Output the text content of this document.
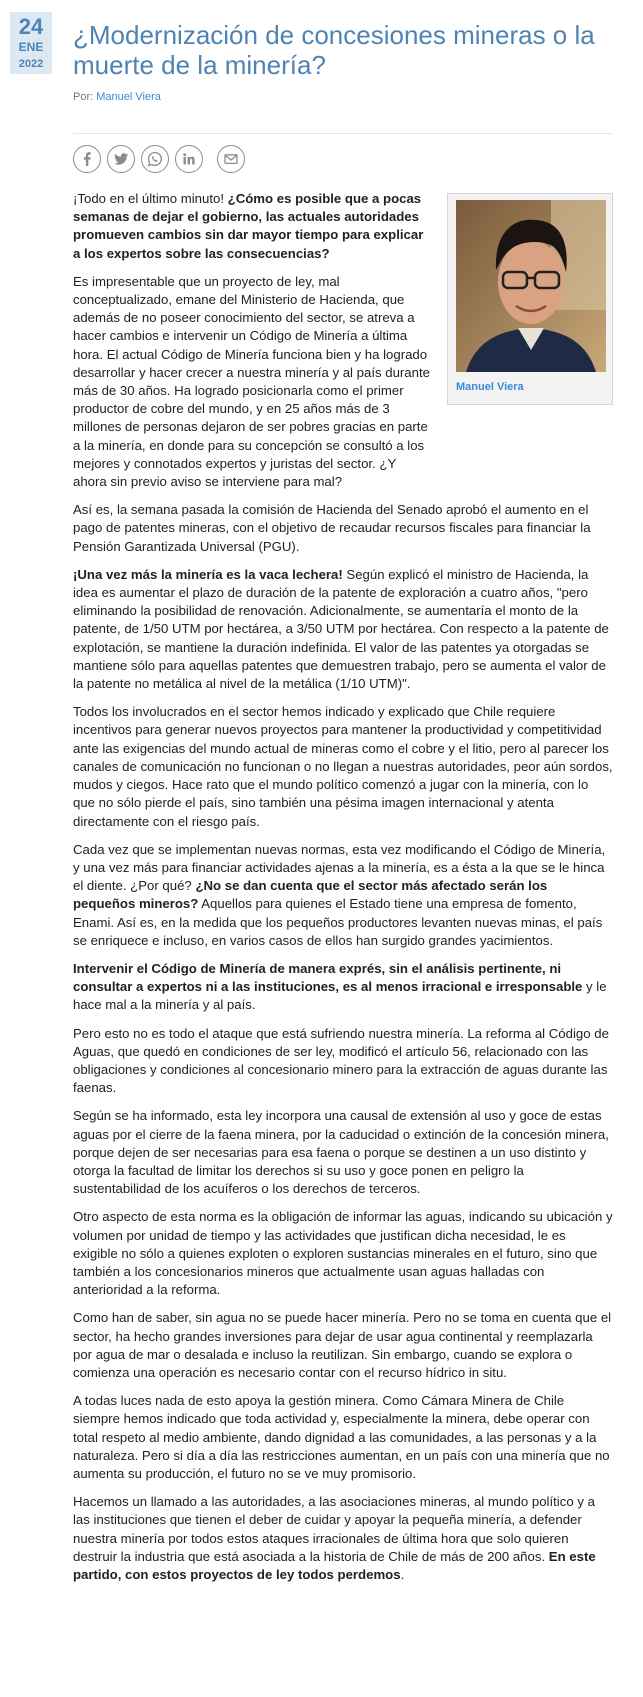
24
ENE
2022
¿Modernización de concesiones mineras o la muerte de la minería?
Por: Manuel Viera
Manuel Viera

¡Todo en el último minuto! ¿Cómo es posible que a pocas semanas de dejar el gobierno, las actuales autoridades promueven cambios sin dar mayor tiempo para explicar a los expertos sobre las consecuencias?

Es impresentable que un proyecto de ley, mal conceptualizado, emane del Ministerio de Hacienda, que además de no poseer conocimiento del sector, se atreva a hacer cambios e intervenir un Código de Minería a última hora. El actual Código de Minería funciona bien y ha logrado desarrollar y hacer crecer a nuestra minería y al país durante más de 30 años. Ha logrado posicionarla como el primer productor de cobre del mundo, y en 25 años más de 3 millones de personas dejaron de ser pobres gracias en parte a la minería, en donde para su concepción se consultó a los mejores y connotados expertos y juristas del sector. ¿Y ahora sin previo aviso se interviene para mal?

Así es, la semana pasada la comisión de Hacienda del Senado aprobó el aumento en el pago de patentes mineras, con el objetivo de recaudar recursos fiscales para financiar la Pensión Garantizada Universal (PGU).

¡Una vez más la minería es la vaca lechera! Según explicó el ministro de Hacienda, la idea es aumentar el plazo de duración de la patente de exploración a cuatro años, "pero eliminando la posibilidad de renovación. Adicionalmente, se aumentaría el monto de la patente, de 1/50 UTM por hectárea, a 3/50 UTM por hectárea. Con respecto a la patente de explotación, se mantiene la duración indefinida. El valor de las patentes ya otorgadas se mantiene sólo para aquellas patentes que demuestren trabajo, pero se aumenta el valor de la patente no metálica al nivel de la metálica (1/10 UTM)".

Todos los involucrados en el sector hemos indicado y explicado que Chile requiere incentivos para generar nuevos proyectos para mantener la productividad y competitividad ante las exigencias del mundo actual de mineras como el cobre y el litio, pero al parecer los canales de comunicación no funcionan o no llegan a nuestras autoridades, peor aún sordos, mudos y ciegos. Hace rato que el mundo político comenzó a jugar con la minería, con lo que no sólo pierde el país, sino también una pésima imagen internacional y atenta directamente con el riesgo país.

Cada vez que se implementan nuevas normas, esta vez modificando el Código de Minería, y una vez más para financiar actividades ajenas a la minería, es a ésta a la que se le hinca el diente. ¿Por qué? ¿No se dan cuenta que el sector más afectado serán los pequeños mineros? Aquellos para quienes el Estado tiene una empresa de fomento, Enami. Así es, en la medida que los pequeños productores levanten nuevas minas, el país se enriquece e incluso, en varios casos de ellos han surgido grandes yacimientos.

Intervenir el Código de Minería de manera exprés, sin el análisis pertinente, ni consultar a expertos ni a las instituciones, es al menos irracional e irresponsable y le hace mal a la minería y al país.

Pero esto no es todo el ataque que está sufriendo nuestra minería. La reforma al Código de Aguas, que quedó en condiciones de ser ley, modificó el artículo 56, relacionado con las obligaciones y condiciones al concesionario minero para la extracción de aguas durante las faenas.

Según se ha informado, esta ley incorpora una causal de extensión al uso y goce de estas aguas por el cierre de la faena minera, por la caducidad o extinción de la concesión minera, porque dejen de ser necesarias para esa faena o porque se destinen a un uso distinto y otorga la facultad de limitar los derechos si su uso y goce ponen en peligro la sustentabilidad de los acuíferos o los derechos de terceros.

Otro aspecto de esta norma es la obligación de informar las aguas, indicando su ubicación y volumen por unidad de tiempo y las actividades que justifican dicha necesidad, le es exigible no sólo a quienes exploten o exploren sustancias minerales en el futuro, sino que también a los concesionarios mineros que actualmente usan aguas halladas con anterioridad a la reforma.

Como han de saber, sin agua no se puede hacer minería. Pero no se toma en cuenta que el sector, ha hecho grandes inversiones para dejar de usar agua continental y reemplazarla por agua de mar o desalada e incluso la reutilizan. Sin embargo, cuando se explora o comienza una operación es necesario contar con el recurso hídrico in situ.

A todas luces nada de esto apoya la gestión minera. Como Cámara Minera de Chile siempre hemos indicado que toda actividad y, especialmente la minera, debe operar con total respeto al medio ambiente, dando dignidad a las comunidades, a las personas y a la naturaleza. Pero si día a día las restricciones aumentan, en un país con una minería que no aumenta su producción, el futuro no se ve muy promisorio.

Hacemos un llamado a las autoridades, a las asociaciones mineras, al mundo político y a las instituciones que tienen el deber de cuidar y apoyar la pequeña minería, a defender nuestra minería por todos estos ataques irracionales de última hora que solo quieren destruir la industria que está asociada a la historia de Chile de más de 200 años. En este partido, con estos proyectos de ley todos perdemos.
